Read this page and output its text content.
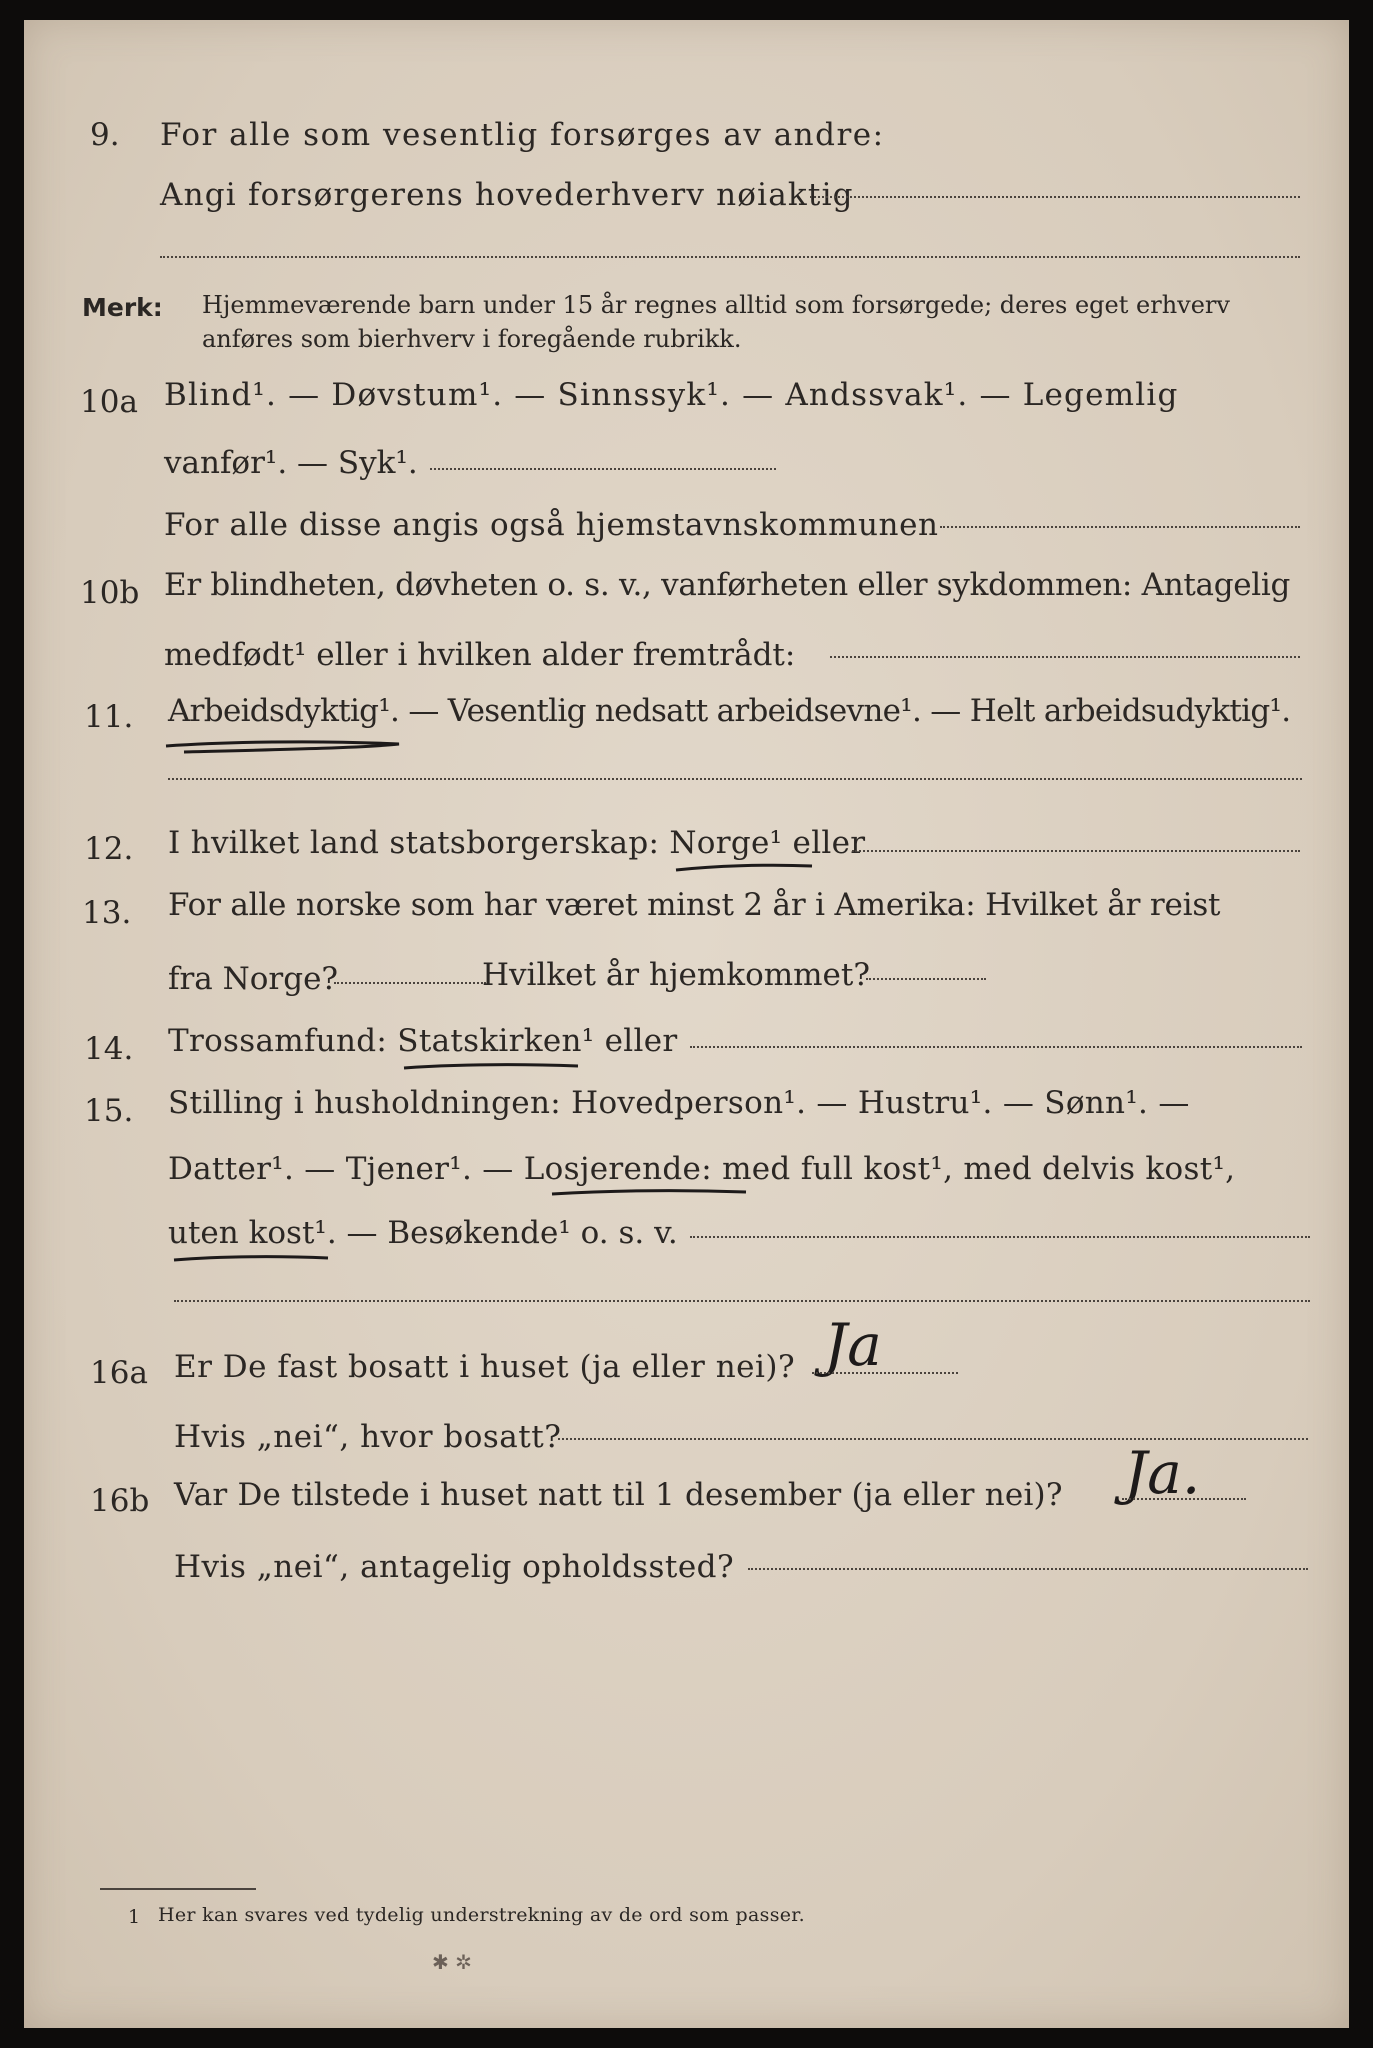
9. For alle som vesentlig forsørges av andre:
Angi forsørgerens hovederhverv nøiaktig
Merk: Hjemmeværende barn under 15 år regnes alltid som forsørgede; deres eget erhverv
anføres som bierhverv i foregående rubrikk.
10a Blind¹. — Døvstum¹. — Sinnssyk¹. — Andssvak¹. — Legemlig
vanfør¹. — Syk¹.
For alle disse angis også hjemstavnskommunen
10b Er blindheten, døvheten o. s. v., vanførheten eller sykdommen: Antagelig
medfødt¹ eller i hvilken alder fremtrådt:
11. Arbeidsdyktig¹. — Vesentlig nedsatt arbeidsevne¹. — Helt arbeidsudyktig¹.
12. I hvilket land statsborgerskap: Norge¹ eller
13. For alle norske som har været minst 2 år i Amerika: Hvilket år reist
fra Norge?	Hvilket år hjemkommet?
14. Trossamfund: Statskirken¹ eller
15. Stilling i husholdningen: Hovedperson¹. — Hustru¹. — Sønn¹. —
Datter¹. — Tjener¹. — Losjerende: med full kost¹, med delvis kost¹,
uten kost¹. — Besøkende¹ o. s. v.
16a Er De fast bosatt i huset (ja eller nei)? Ja
Hvis „nei“, hvor bosatt?
16b Var De tilstede i huset natt til 1 desember (ja eller nei)? Ja.
Hvis „nei“, antagelig opholdssted?
1 Her kan svares ved tydelig understrekning av de ord som passer.
✱ ✲
